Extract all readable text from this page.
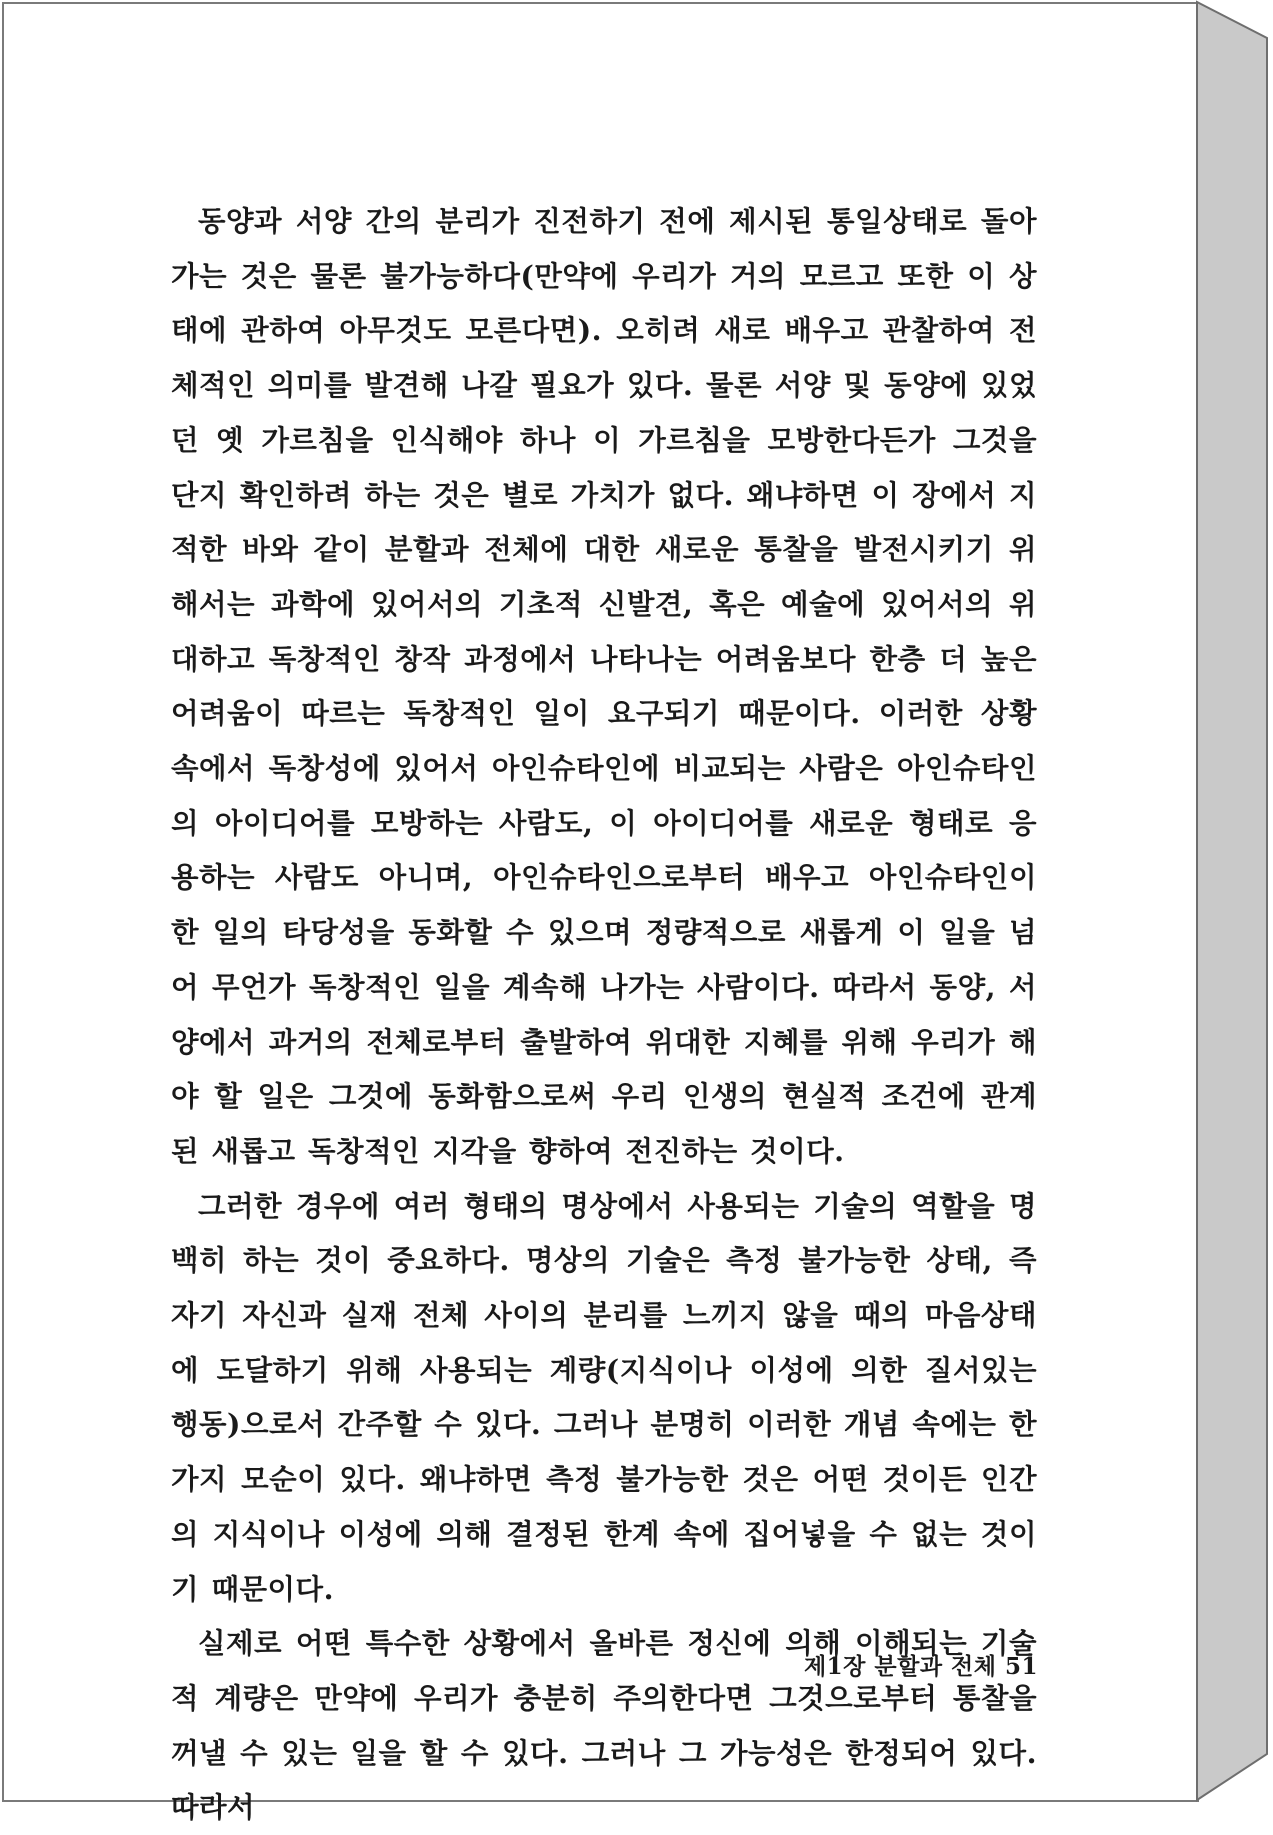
동양과 서양 간의 분리가 진전하기 전에 제시된 통일상태로 돌아가는 것은 물론 불가능하다(만약에 우리가 거의 모르고 또한 이 상태에 관하여 아무것도 모른다면). 오히려 새로 배우고 관찰하여 전체적인 의미를 발견해 나갈 필요가 있다. 물론 서양 및 동양에 있었던 옛 가르침을 인식해야 하나 이 가르침을 모방한다든가 그것을 단지 확인하려 하는 것은 별로 가치가 없다. 왜냐하면 이 장에서 지적한 바와 같이 분할과 전체에 대한 새로운 통찰을 발전시키기 위해서는 과학에 있어서의 기초적 신발견, 혹은 예술에 있어서의 위대하고 독창적인 창작 과정에서 나타나는 어려움보다 한층 더 높은 어려움이 따르는 독창적인 일이 요구되기 때문이다. 이러한 상황 속에서 독창성에 있어서 아인슈타인에 비교되는 사람은 아인슈타인의 아이디어를 모방하는 사람도, 이 아이디어를 새로운 형태로 응용하는 사람도 아니며, 아인슈타인으로부터 배우고 아인슈타인이 한 일의 타당성을 동화할 수 있으며 정량적으로 새롭게 이 일을 넘어 무언가 독창적인 일을 계속해 나가는 사람이다. 따라서 동양, 서양에서 과거의 전체로부터 출발하여 위대한 지혜를 위해 우리가 해야 할 일은 그것에 동화함으로써 우리 인생의 현실적 조건에 관계된 새롭고 독창적인 지각을 향하여 전진하는 것이다.

그러한 경우에 여러 형태의 명상에서 사용되는 기술의 역할을 명백히 하는 것이 중요하다. 명상의 기술은 측정 불가능한 상태, 즉 자기 자신과 실재 전체 사이의 분리를 느끼지 않을 때의 마음상태에 도달하기 위해 사용되는 계량(지식이나 이성에 의한 질서있는 행동)으로서 간주할 수 있다. 그러나 분명히 이러한 개념 속에는 한 가지 모순이 있다. 왜냐하면 측정 불가능한 것은 어떤 것이든 인간의 지식이나 이성에 의해 결정된 한계 속에 집어넣을 수 없는 것이기 때문이다.

실제로 어떤 특수한 상황에서 올바른 정신에 의해 이해되는 기술적 계량은 만약에 우리가 충분히 주의한다면 그것으로부터 통찰을 꺼낼 수 있는 일을 할 수 있다. 그러나 그 가능성은 한정되어 있다. 따라서

제1장 분할과 전체 51
